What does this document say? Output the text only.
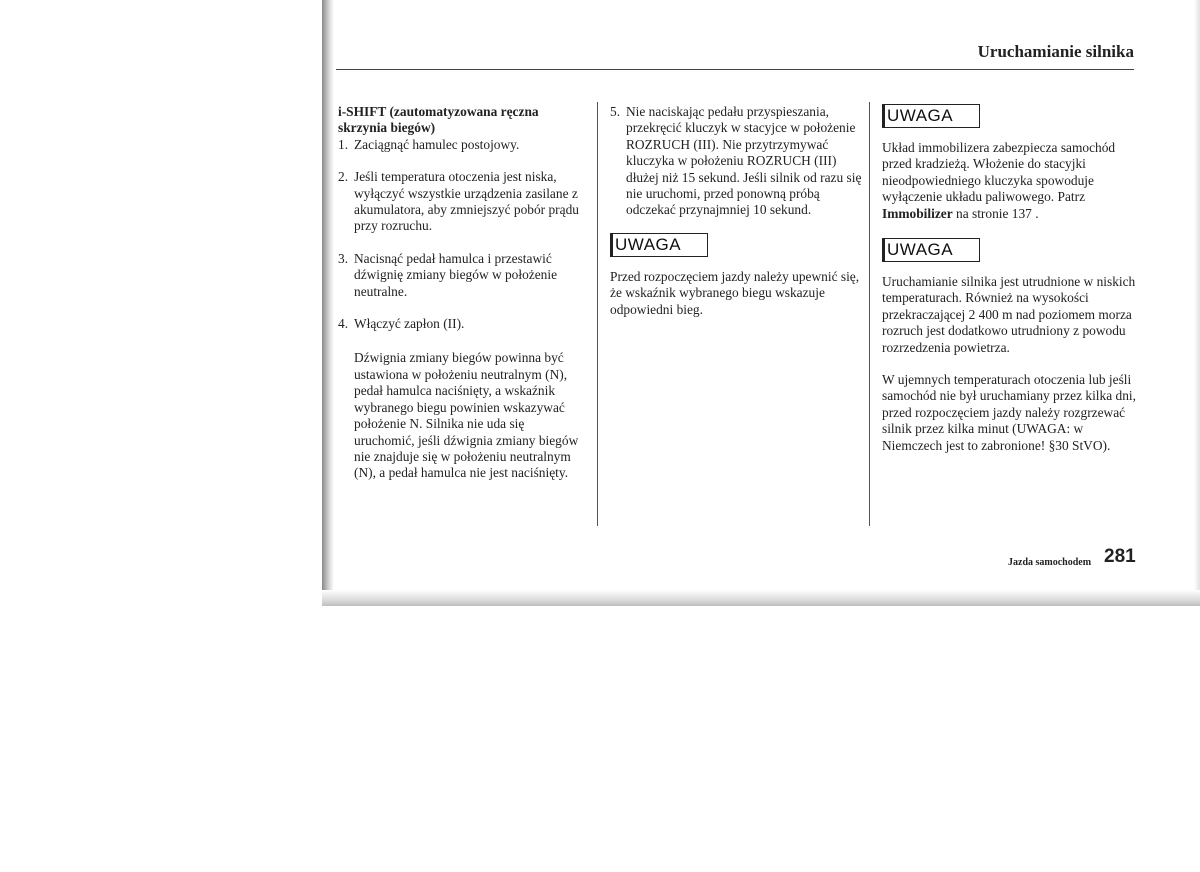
Uruchamianie silnika
i-SHIFT (zautomatyzowana ręczna skrzynia biegów)
1. Zaciągnąć hamulec postojowy.
2. Jeśli temperatura otoczenia jest niska, wyłączyć wszystkie urządzenia zasilane z akumulatora, aby zmniejszyć pobór prądu przy rozruchu.
3. Nacisnąć pedał hamulca i przestawić dźwignię zmiany biegów w położenie neutralne.
4. Włączyć zapłon (II).
Dźwignia zmiany biegów powinna być ustawiona w położeniu neutralnym (N), pedał hamulca naciśnięty, a wskaźnik wybranego biegu powinien wskazywać położenie N. Silnika nie uda się uruchomić, jeśli dźwignia zmiany biegów nie znajduje się w położeniu neutralnym (N), a pedał hamulca nie jest naciśnięty.
5. Nie naciskając pedału przyspieszania, przekręcić kluczyk w stacyjce w położenie ROZRUCH (III). Nie przytrzymywać kluczyka w położeniu ROZRUCH (III) dłużej niż 15 sekund. Jeśli silnik od razu się nie uruchomi, przed ponowną próbą odczekać przynajmniej 10 sekund.
UWAGA
Przed rozpoczęciem jazdy należy upewnić się, że wskaźnik wybranego biegu wskazuje odpowiedni bieg.
UWAGA
Układ immobilizera zabezpiecza samochód przed kradzieżą. Włożenie do stacyjki nieodpowiedniego kluczyka spowoduje wyłączenie układu paliwowego. Patrz Immobilizer na stronie 137 .
UWAGA
Uruchamianie silnika jest utrudnione w niskich temperaturach. Również na wysokości przekraczającej 2 400 m nad poziomem morza rozruch jest dodatkowo utrudniony z powodu rozrzedzenia powietrza.
W ujemnych temperaturach otoczenia lub jeśli samochód nie był uruchamiany przez kilka dni, przed rozpoczęciem jazdy należy rozgrzewać silnik przez kilka minut (UWAGA: w Niemczech jest to zabronione! §30 StVO).
Jazda samochodem 281
